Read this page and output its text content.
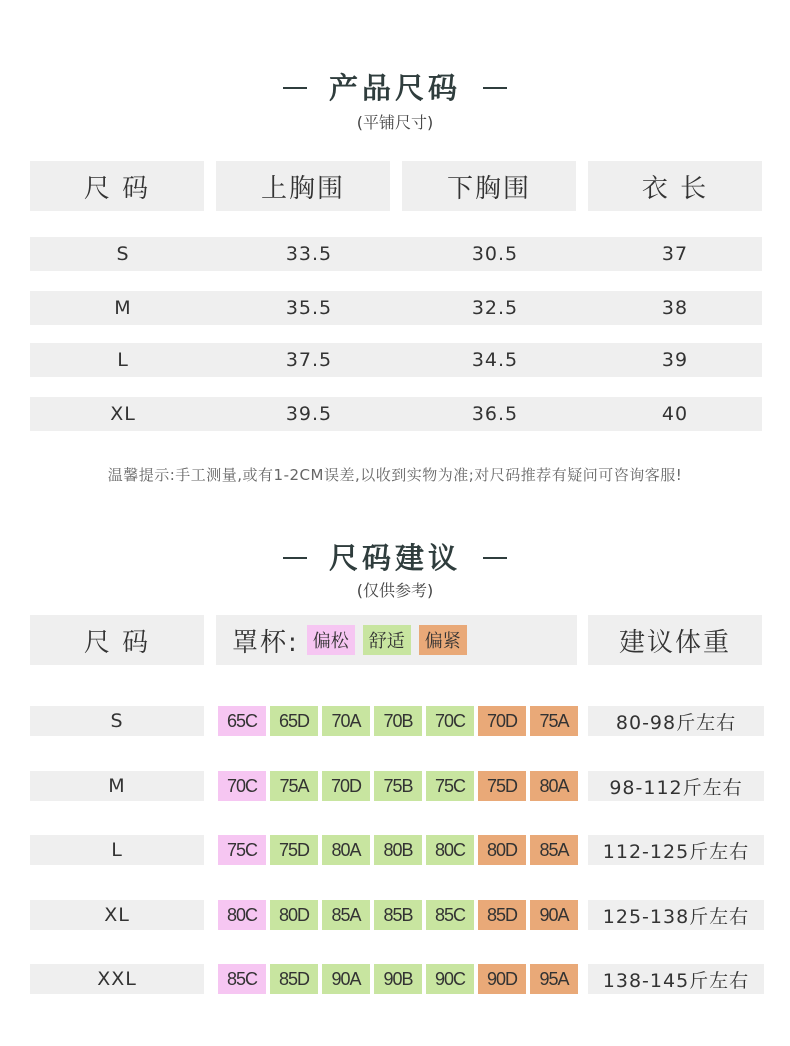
产品尺码
(平铺尺寸)
尺 码	上胸围	下胸围	衣 长
S	33.5	30.5	37
M	35.5	32.5	38
L	37.5	34.5	39
XL	39.5	36.5	40
温馨提示:手工测量,或有1-2CM误差,以收到实物为准;对尺码推荐有疑问可咨询客服!
尺码建议
(仅供参考)
尺 码	罩杯: 偏松	舒适	偏紧	建议体重
S	65C	65D	70A	70B	70C	70D	75A	80-98斤左右
M	70C	75A	70D	75B	75C	75D	80A	98-112斤左右
L	75C	75D	80A	80B	80C	80D	85A	112-125斤左右
XL	80C	80D	85A	85B	85C	85D	90A	125-138斤左右
XXL	85C	85D	90A	90B	90C	90D	95A	138-145斤左右
